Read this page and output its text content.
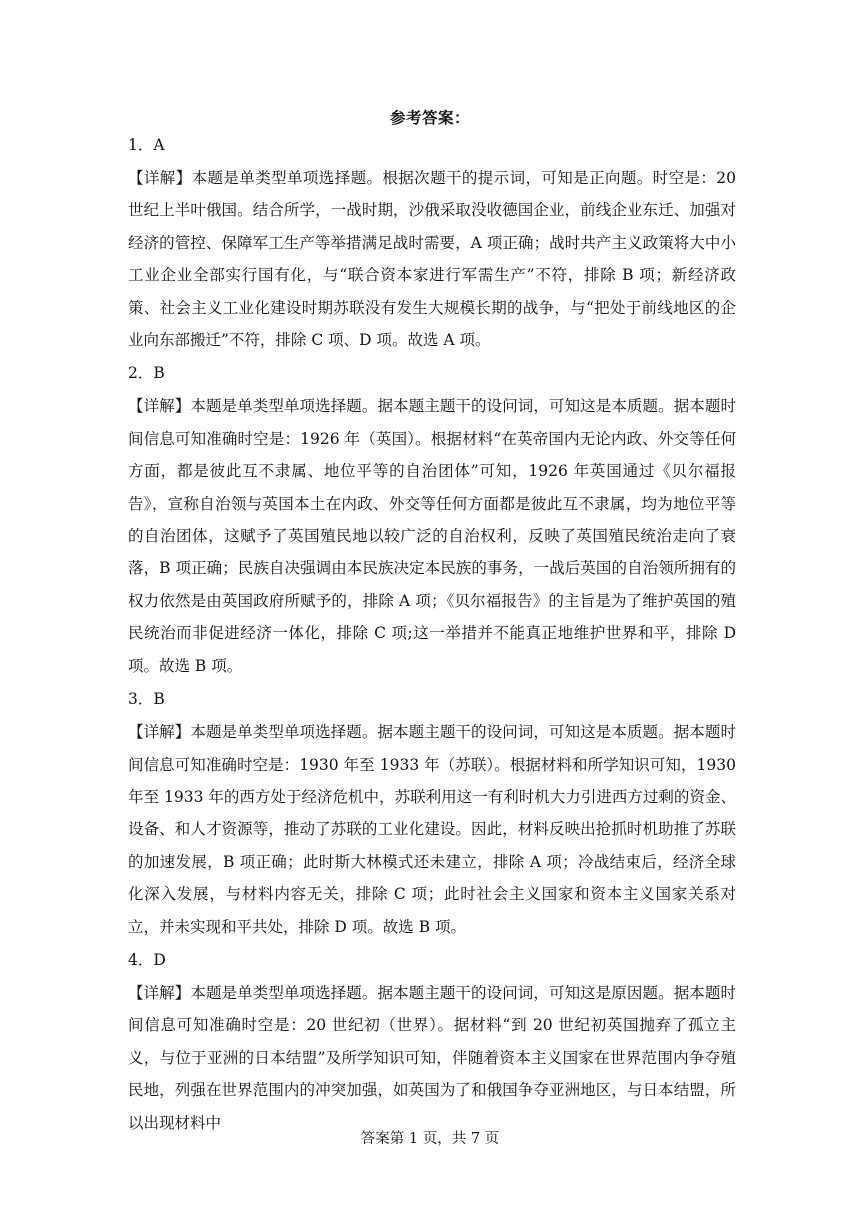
参考答案：
1．A

【详解】本题是单类型单项选择题。根据次题干的提示词，可知是正向题。时空是：20 世纪上半叶俄国。结合所学，一战时期，沙俄采取没收德国企业，前线企业东迁、加强对经济的管控、保障军工生产等举措满足战时需要，A 项正确；战时共产主义政策将大中小工业企业全部实行国有化，与“联合资本家进行军需生产”不符，排除 B 项；新经济政策、社会主义工业化建设时期苏联没有发生大规模长期的战争，与“把处于前线地区的企业向东部搬迁”不符，排除 C 项、D 项。故选 A 项。

2．B

【详解】本题是单类型单项选择题。据本题主题干的设问词，可知这是本质题。据本题时间信息可知准确时空是：1926 年（英国）。根据材料“在英帝国内无论内政、外交等任何方面，都是彼此互不隶属、地位平等的自治团体”可知，1926 年英国通过《贝尔福报告》，宣称自治领与英国本土在内政、外交等任何方面都是彼此互不隶属，均为地位平等的自治团体，这赋予了英国殖民地以较广泛的自治权利，反映了英国殖民统治走向了衰落，B 项正确；民族自决强调由本民族决定本民族的事务，一战后英国的自治领所拥有的权力依然是由英国政府所赋予的，排除 A 项；《贝尔福报告》的主旨是为了维护英国的殖民统治而非促进经济一体化，排除 C 项;这一举措并不能真正地维护世界和平，排除 D 项。故选 B 项。

3．B

【详解】本题是单类型单项选择题。据本题主题干的设问词，可知这是本质题。据本题时间信息可知准确时空是：1930 年至 1933 年（苏联）。根据材料和所学知识可知，1930 年至 1933 年的西方处于经济危机中，苏联利用这一有利时机大力引进西方过剩的资金、设备、和人才资源等，推动了苏联的工业化建设。因此，材料反映出抢抓时机助推了苏联的加速发展，B 项正确；此时斯大林模式还未建立，排除 A 项；冷战结束后，经济全球化深入发展，与材料内容无关，排除 C 项；此时社会主义国家和资本主义国家关系对立，并未实现和平共处，排除 D 项。故选 B 项。

4．D

【详解】本题是单类型单项选择题。据本题主题干的设问词，可知这是原因题。据本题时间信息可知准确时空是：20 世纪初（世界）。据材料“到 20 世纪初英国抛弃了孤立主义，与位于亚洲的日本结盟”及所学知识可知，伴随着资本主义国家在世界范围内争夺殖民地，列强在世界范围内的冲突加强，如英国为了和俄国争夺亚洲地区，与日本结盟，所以出现材料中

答案第 1 页，共 7 页
